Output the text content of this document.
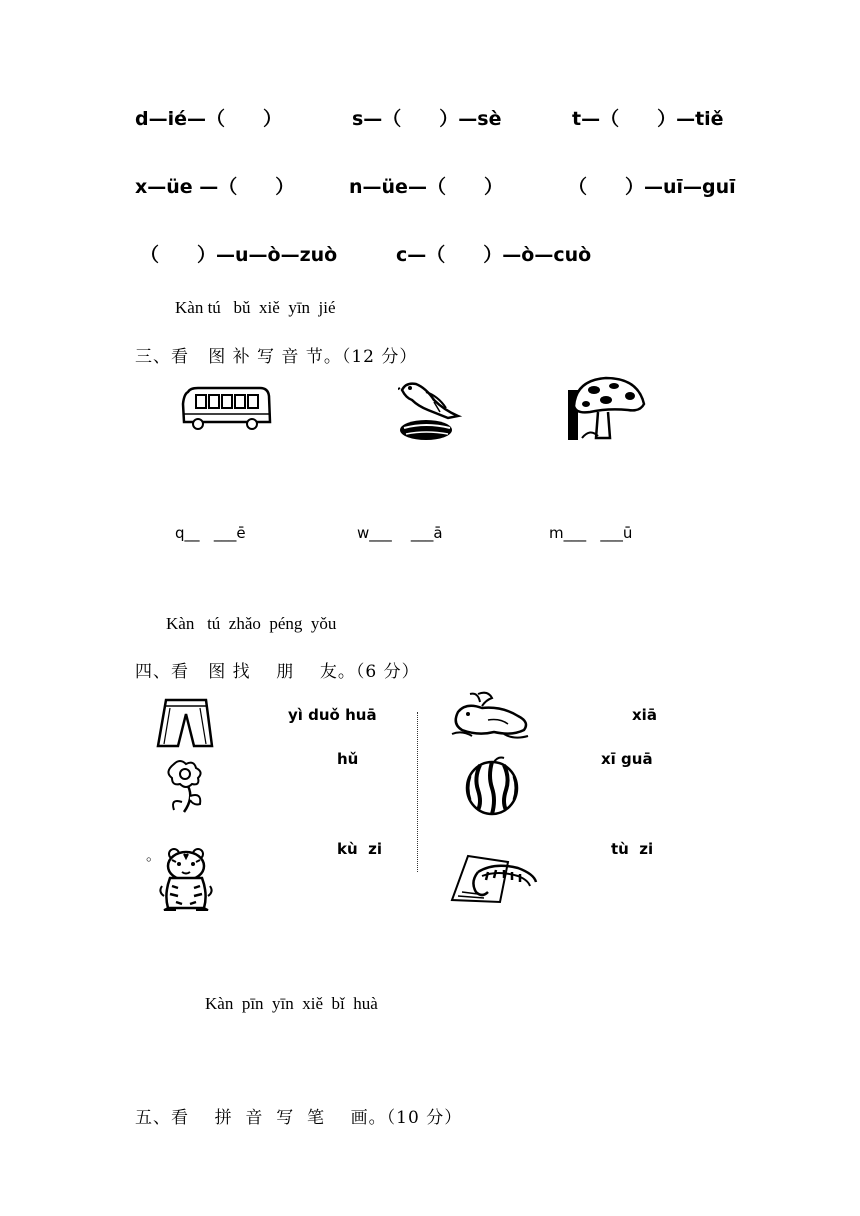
d—ié—（　　）	s—（　　）—sè	t—（　　）—tiě
x—üe —（　　）	n—üe—（　　）	（　　）—uī—guī
（　　）—u—ò—zuò	c—（　　）—ò—cuò
Kàn tú   bǔ  xiě  yīn  jié
三、看   图 补 写 音 节。（12 分）
q__   ___ē	w___    ___ā	m___   ___ū
Kàn   tú  zhǎo  péng  yǒu
四、看   图 找    朋    友。（6 分）
。
yì duǒ huā
hǔ
kù  zi
xiā
xī guā
tù  zi
Kàn  pīn  yīn  xiě  bǐ  huà
五、看    拼  音  写  笔    画。（10 分）
